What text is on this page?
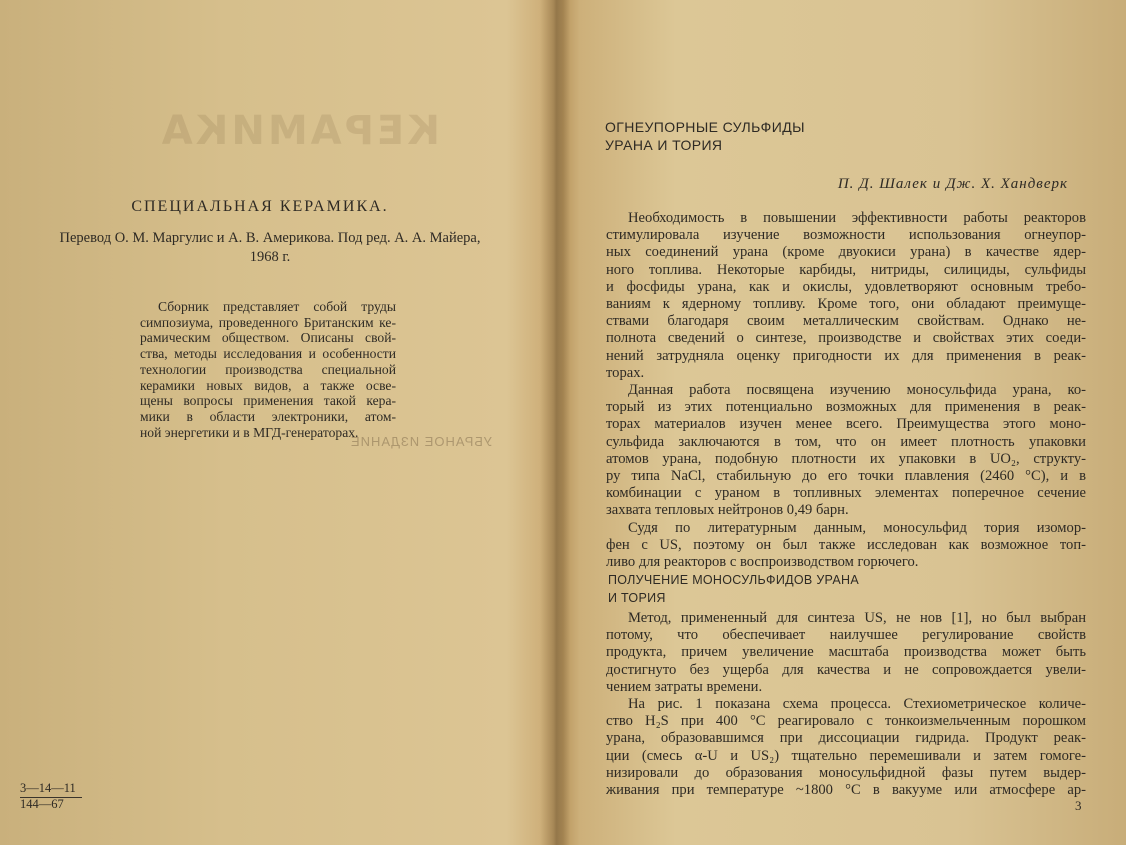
КЕРАМИКА
УБРАНОЕ ИЗДАНИЕ
СПЕЦИАЛЬНАЯ КЕРАМИКА.
Перевод О. М. Маргулис и А. В. Америкова. Под ред. А. А. Майера,
1968 г.
Сборник представляет собой труды
симпозиума, проведенного Британским ке-
рамическим обществом. Описаны свой-
ства, методы исследования и особенности
технологии производства специальной
керамики новых видов, а также осве-
щены вопросы применения такой кера-
мики в области электроники, атом-
ной энергетики и в МГД-генераторах.
3—14—11
144—67
ОГНЕУПОРНЫЕ СУЛЬФИДЫ
УРАНА И ТОРИЯ
П. Д. Шалек и Дж. Х. Хандверк
Необходимость в повышении эффективности работы реакторов
стимулировала изучение возможности использования огнеупор-
ных соединений урана (кроме двуокиси урана) в качестве ядер-
ного топлива. Некоторые карбиды, нитриды, силициды, сульфиды
и фосфиды урана, как и окислы, удовлетворяют основным требо-
ваниям к ядерному топливу. Кроме того, они обладают преимуще-
ствами благодаря своим металлическим свойствам. Однако не-
полнота сведений о синтезе, производстве и свойствах этих соеди-
нений затрудняла оценку пригодности их для применения в реак-
торах.
Данная работа посвящена изучению моносульфида урана, ко-
торый из этих потенциально возможных для применения в реак-
торах материалов изучен менее всего. Преимущества этого моно-
сульфида заключаются в том, что он имеет плотность упаковки
атомов урана, подобную плотности их упаковки в UO₂, структу-
ру типа NaCl, стабильную до его точки плавления (2460 °C), и в
комбинации с ураном в топливных элементах поперечное сечение
захвата тепловых нейтронов 0,49 барн.
Судя по литературным данным, моносульфид тория изомор-
фен с US, поэтому он был также исследован как возможное топ-
ливо для реакторов с воспроизводством горючего.
ПОЛУЧЕНИЕ МОНОСУЛЬФИДОВ УРАНА
И ТОРИЯ
Метод, примененный для синтеза US, не нов [1], но был выбран
потому, что обеспечивает наилучшее регулирование свойств
продукта, причем увеличение масштаба производства может быть
достигнуто без ущерба для качества и не сопровождается увели-
чением затраты времени.
На рис. 1 показана схема процесса. Стехиометрическое количе-
ство H₂S при 400 °C реагировало с тонкоизмельченным порошком
урана, образовавшимся при диссоциации гидрида. Продукт реак-
ции (смесь α-U и US₂) тщательно перемешивали и затем гомоге-
низировали до образования моносульфидной фазы путем выдер-
живания при температуре ~1800 °C в вакууме или атмосфере ар-
3
